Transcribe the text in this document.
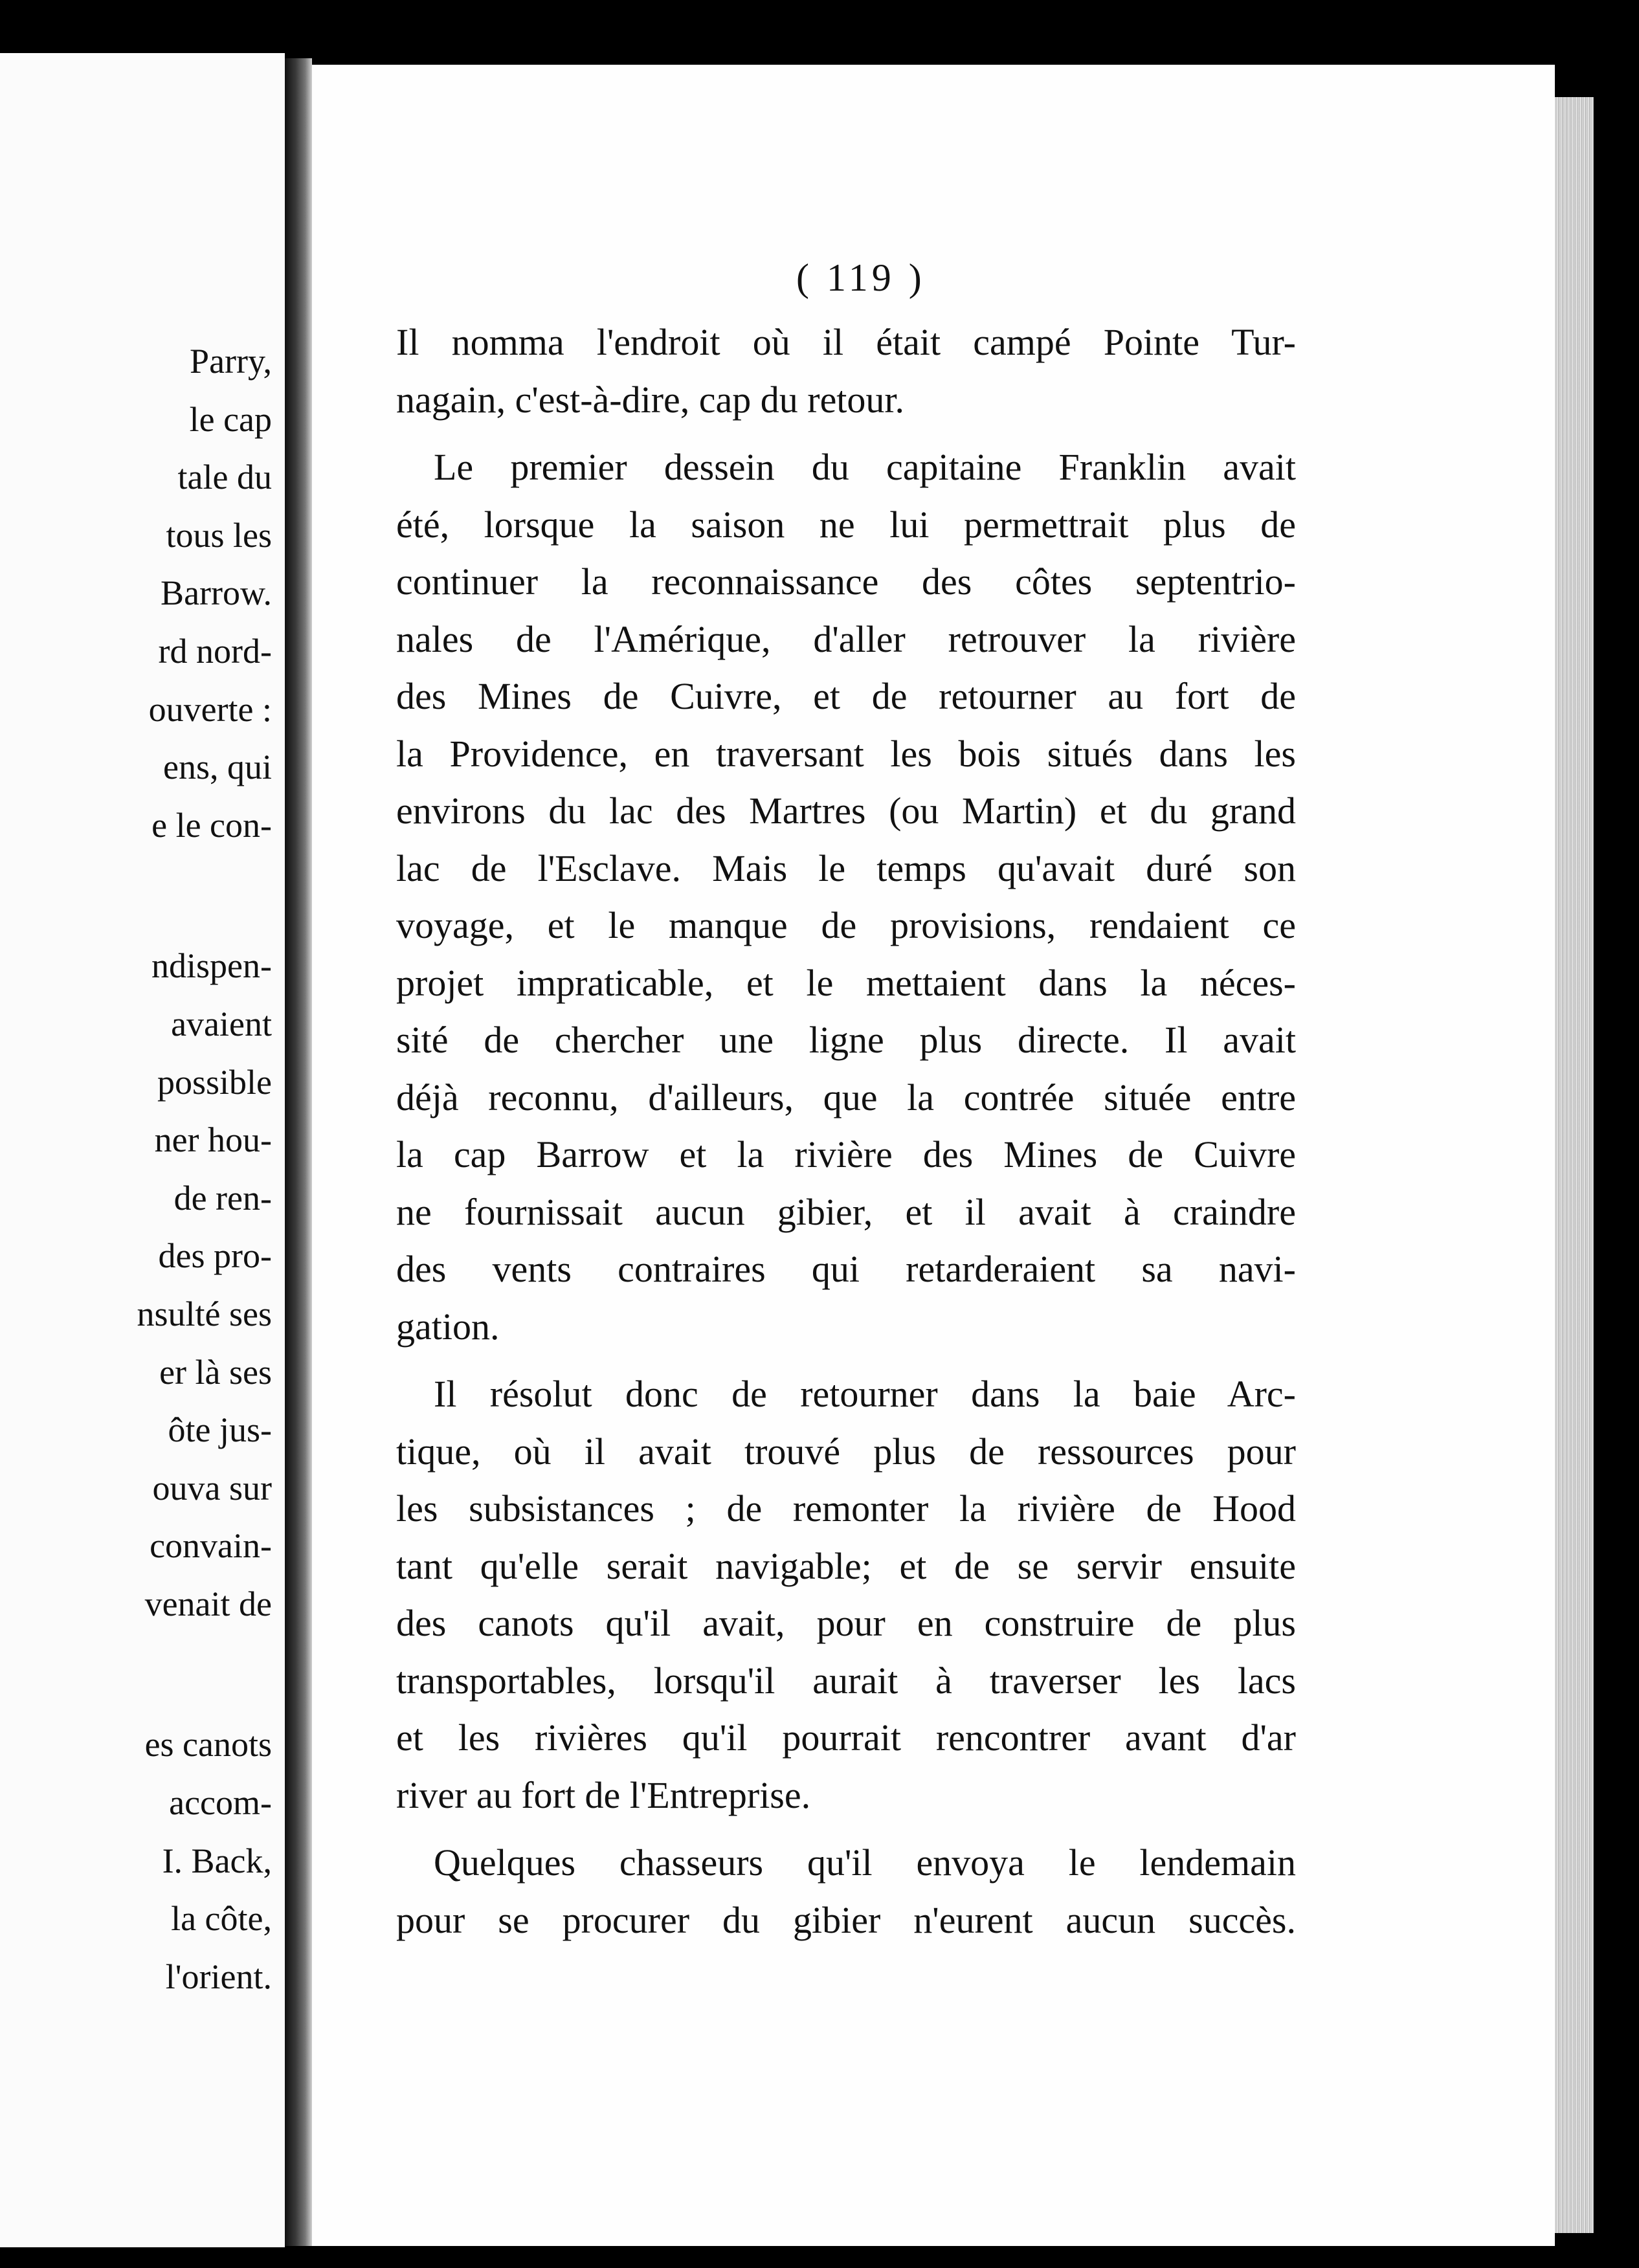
Parry,
le cap
tale du
tous les
Barrow.
rd nord-
ouverte :
ens, qui
e le con-
ndispen-
avaient
possible
ner hou-
de ren-
des pro-
nsulté ses
er là ses
ôte jus-
ouva sur
convain-
venait de
es canots
accom-
I. Back,
la côte,
l'orient.
( 119 )
Il nomma l'endroit où il était campé Pointe Tur-
nagain, c'est-à-dire, cap du retour.
Le premier dessein du capitaine Franklin avait
été, lorsque la saison ne lui permettrait plus de
continuer la reconnaissance des côtes septentrio-
nales de l'Amérique, d'aller retrouver la rivière
des Mines de Cuivre, et de retourner au fort de
la Providence, en traversant les bois situés dans les
environs du lac des Martres (ou Martin) et du grand
lac de l'Esclave. Mais le temps qu'avait duré son
voyage, et le manque de provisions, rendaient ce
projet impraticable, et le mettaient dans la néces-
sité de chercher une ligne plus directe. Il avait
déjà reconnu, d'ailleurs, que la contrée située entre
la cap Barrow et la rivière des Mines de Cuivre
ne fournissait aucun gibier, et il avait à craindre
des vents contraires qui retarderaient sa navi-
gation.
Il résolut donc de retourner dans la baie Arc-
tique, où il avait trouvé plus de ressources pour
les subsistances ; de remonter la rivière de Hood
tant qu'elle serait navigable; et de se servir ensuite
des canots qu'il avait, pour en construire de plus
transportables, lorsqu'il aurait à traverser les lacs
et les rivières qu'il pourrait rencontrer avant d'ar
river au fort de l'Entreprise.
Quelques chasseurs qu'il envoya le lendemain
pour se procurer du gibier n'eurent aucun succès.
